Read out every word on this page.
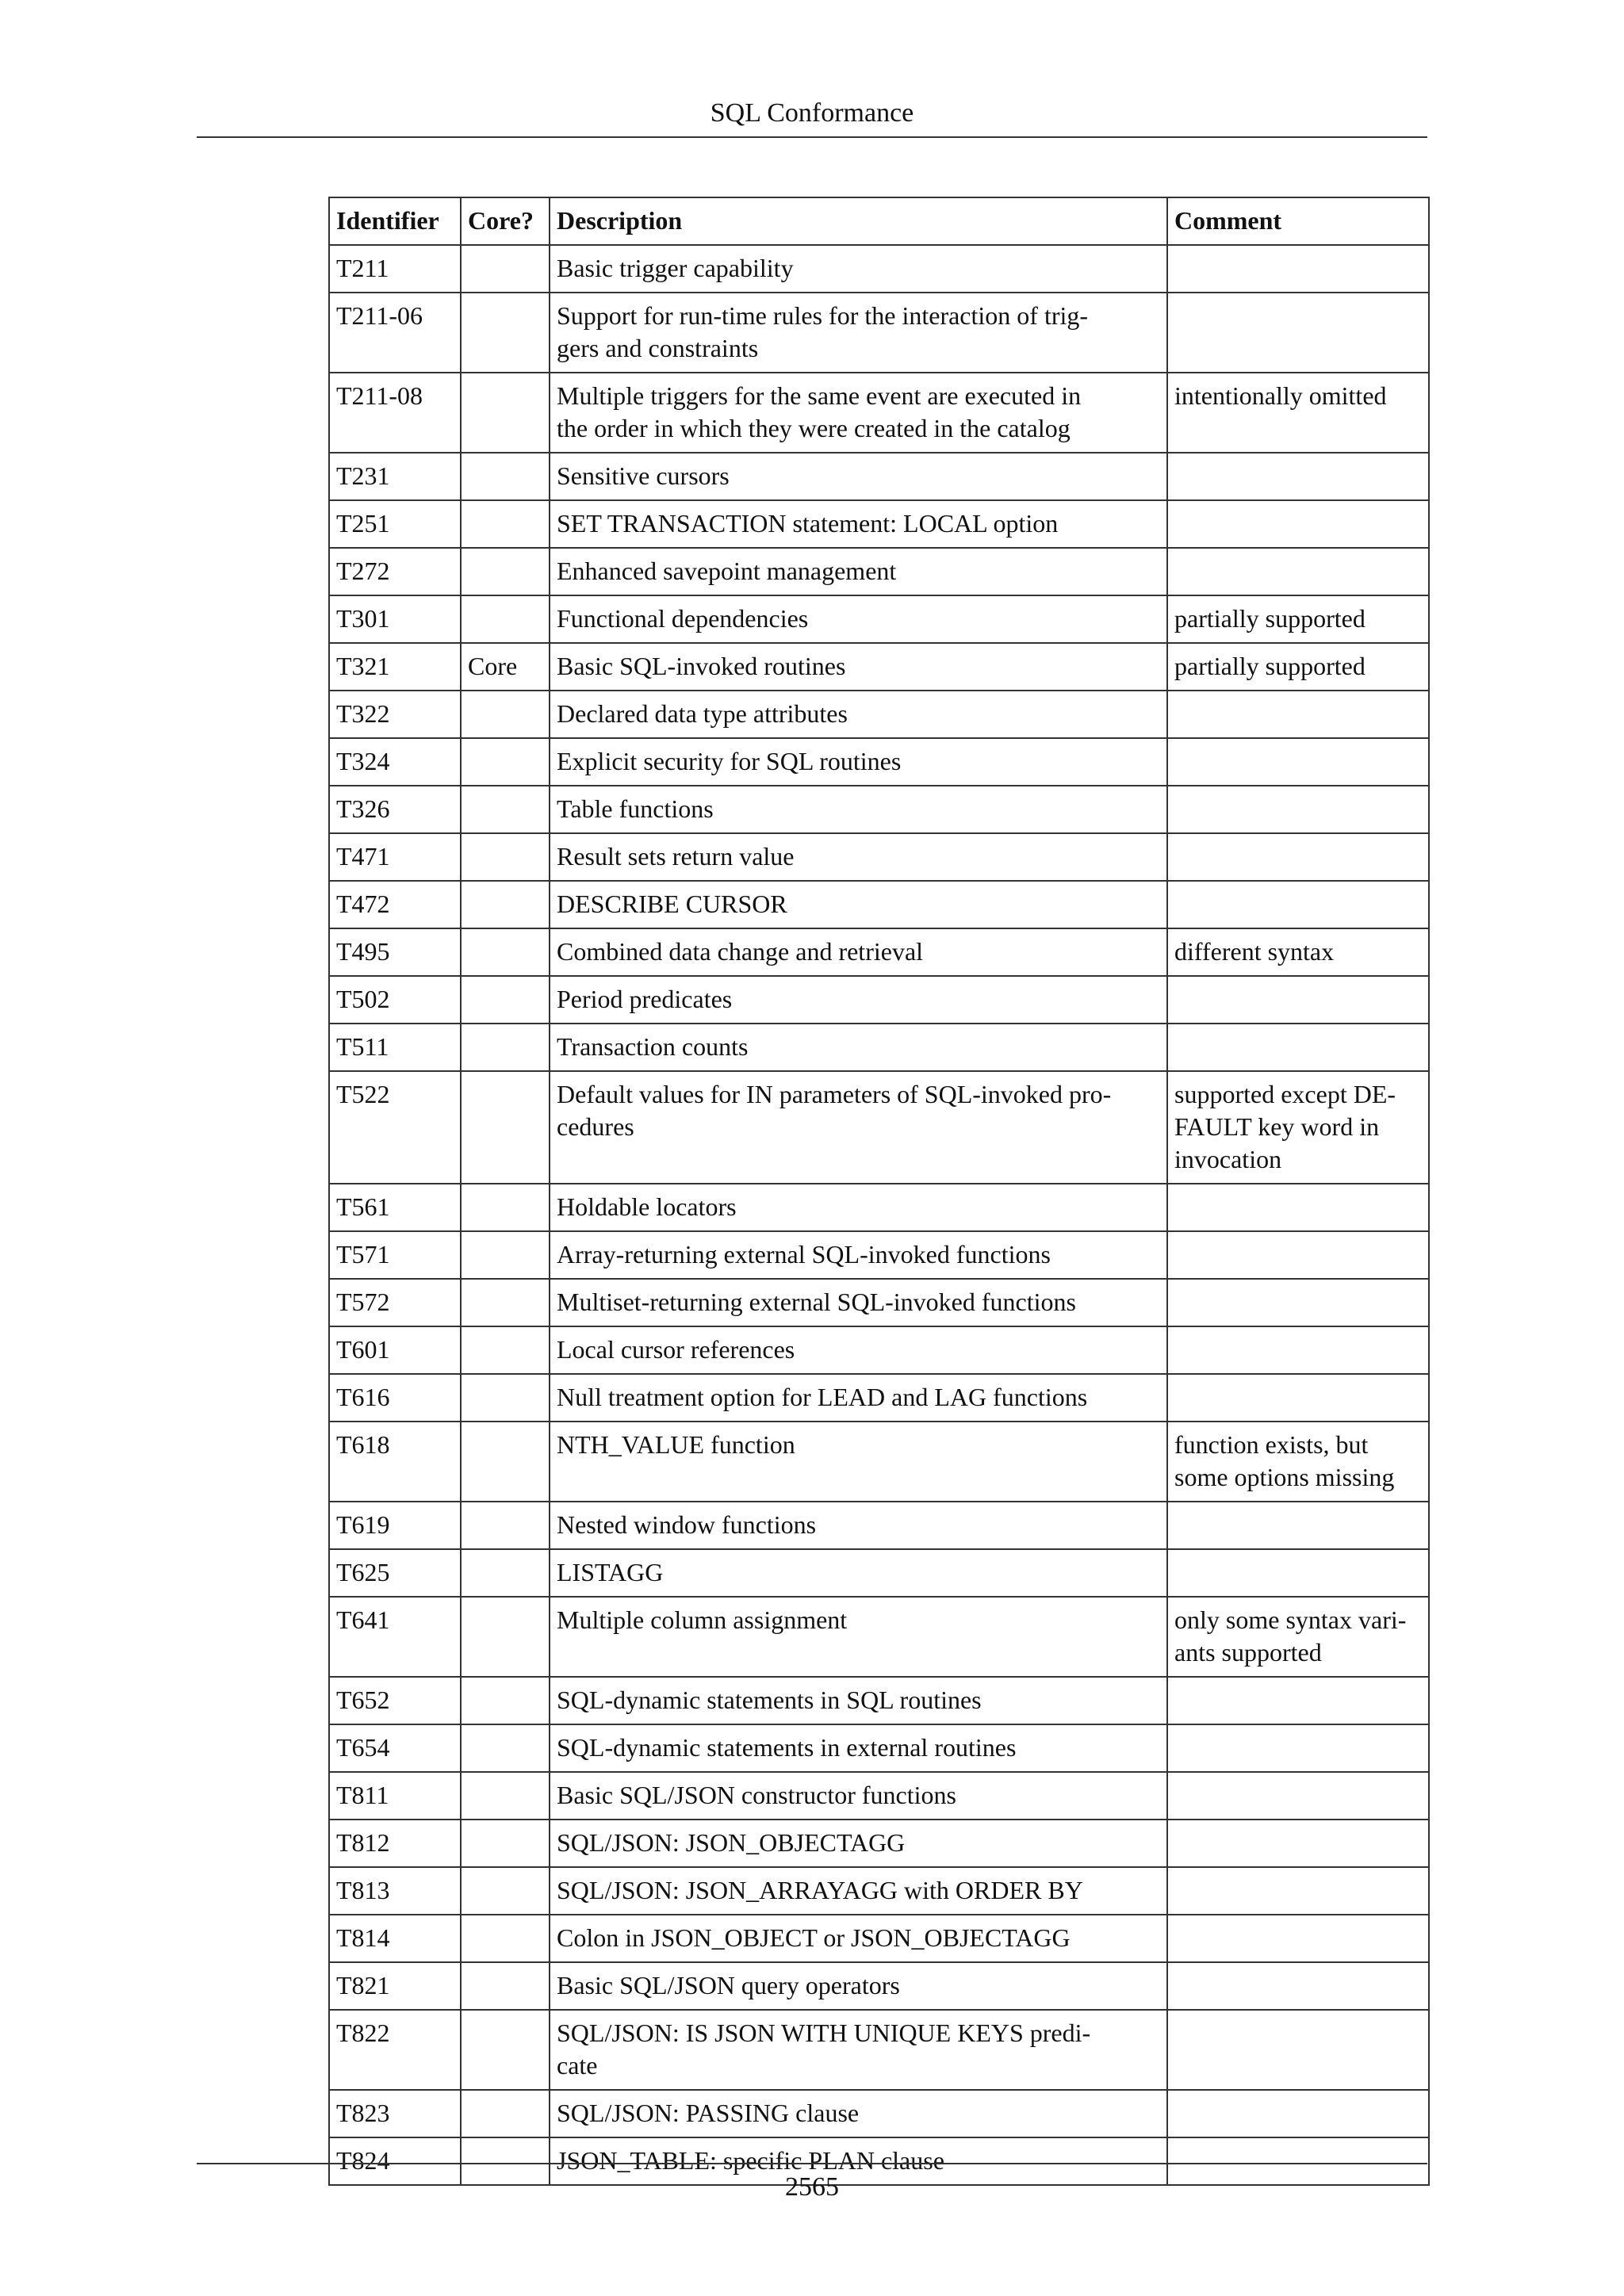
SQL Conformance
Identifier	Core?	Description	Comment
T211		Basic trigger capability	
T211-06		Support for run-time rules for the interaction of trig-
gers and constraints	
T211-08		Multiple triggers for the same event are executed in
the order in which they were created in the catalog	intentionally omitted
T231		Sensitive cursors	
T251		SET TRANSACTION statement: LOCAL option	
T272		Enhanced savepoint management	
T301		Functional dependencies	partially supported
T321	Core	Basic SQL-invoked routines	partially supported
T322		Declared data type attributes	
T324		Explicit security for SQL routines	
T326		Table functions	
T471		Result sets return value	
T472		DESCRIBE CURSOR	
T495		Combined data change and retrieval	different syntax
T502		Period predicates	
T511		Transaction counts	
T522		Default values for IN parameters of SQL-invoked pro-
cedures	supported except DE-
FAULT key word in
invocation
T561		Holdable locators	
T571		Array-returning external SQL-invoked functions	
T572		Multiset-returning external SQL-invoked functions	
T601		Local cursor references	
T616		Null treatment option for LEAD and LAG functions	
T618		NTH_VALUE function	function exists, but
some options missing
T619		Nested window functions	
T625		LISTAGG	
T641		Multiple column assignment	only some syntax vari-
ants supported
T652		SQL-dynamic statements in SQL routines	
T654		SQL-dynamic statements in external routines	
T811		Basic SQL/JSON constructor functions	
T812		SQL/JSON: JSON_OBJECTAGG	
T813		SQL/JSON: JSON_ARRAYAGG with ORDER BY	
T814		Colon in JSON_OBJECT or JSON_OBJECTAGG	
T821		Basic SQL/JSON query operators	
T822		SQL/JSON: IS JSON WITH UNIQUE KEYS predi-
cate	
T823		SQL/JSON: PASSING clause	
T824		JSON_TABLE: specific PLAN clause	
2565
